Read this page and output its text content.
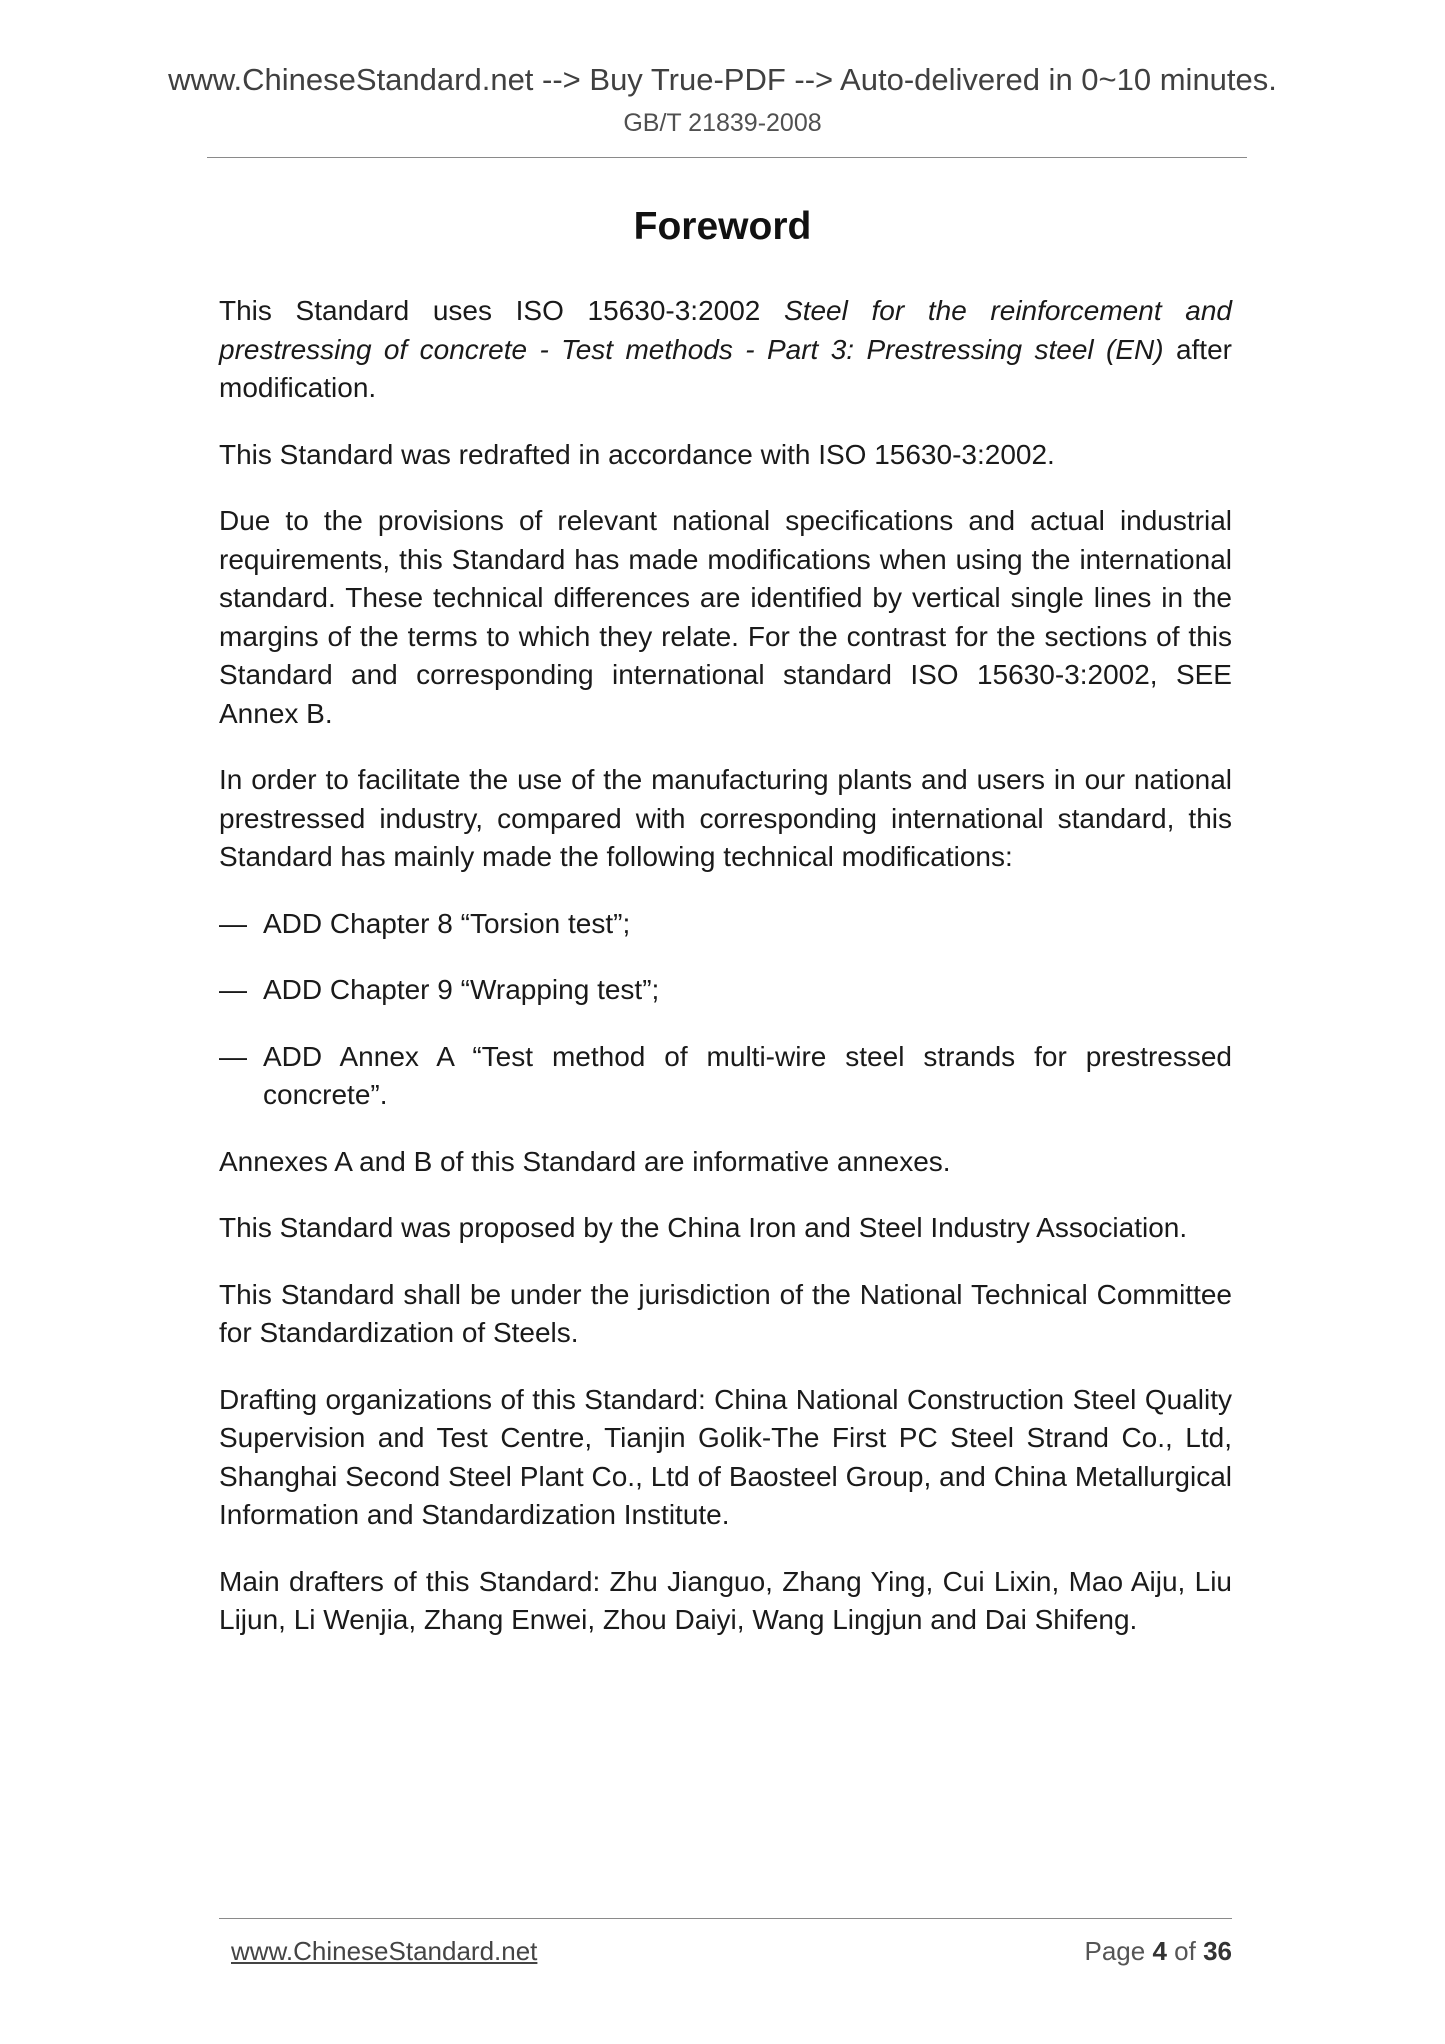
www.ChineseStandard.net --> Buy True-PDF --> Auto-delivered in 0~10 minutes.
GB/T 21839-2008
Foreword

This Standard uses ISO 15630-3:2002 Steel for the reinforcement and prestressing of concrete - Test methods - Part 3: Prestressing steel (EN) after modification.

This Standard was redrafted in accordance with ISO 15630-3:2002.

Due to the provisions of relevant national specifications and actual industrial requirements, this Standard has made modifications when using the international standard. These technical differences are identified by vertical single lines in the margins of the terms to which they relate. For the contrast for the sections of this Standard and corresponding international standard ISO 15630-3:2002, SEE Annex B.

In order to facilitate the use of the manufacturing plants and users in our national prestressed industry, compared with corresponding international standard, this Standard has mainly made the following technical modifications:

— ADD Chapter 8 “Torsion test”;
— ADD Chapter 9 “Wrapping test”;
— ADD Annex A “Test method of multi-wire steel strands for prestressed concrete”.

Annexes A and B of this Standard are informative annexes.

This Standard was proposed by the China Iron and Steel Industry Association.

This Standard shall be under the jurisdiction of the National Technical Committee for Standardization of Steels.

Drafting organizations of this Standard: China National Construction Steel Quality Supervision and Test Centre, Tianjin Golik-The First PC Steel Strand Co., Ltd, Shanghai Second Steel Plant Co., Ltd of Baosteel Group, and China Metallurgical Information and Standardization Institute.

Main drafters of this Standard: Zhu Jianguo, Zhang Ying, Cui Lixin, Mao Aiju, Liu Lijun, Li Wenjia, Zhang Enwei, Zhou Daiyi, Wang Lingjun and Dai Shifeng.

www.ChineseStandard.net	Page 4 of 36
